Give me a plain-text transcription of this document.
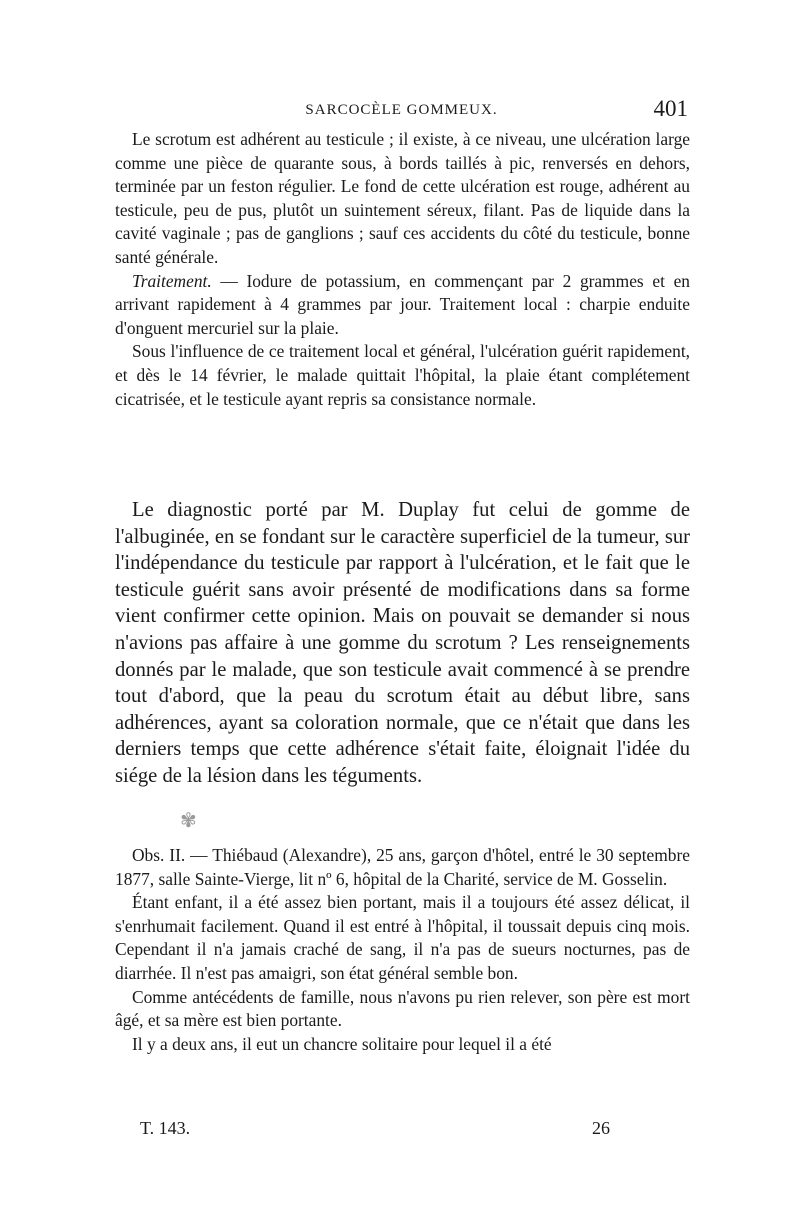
SARCOCÈLE GOMMEUX.	401

Le scrotum est adhérent au testicule ; il existe, à ce niveau, une ulcération large comme une pièce de quarante sous, à bords taillés à pic, renversés en dehors, terminée par un feston régulier. Le fond de cette ulcération est rouge, adhérent au testicule, peu de pus, plutôt un suintement séreux, filant. Pas de liquide dans la cavité vaginale ; pas de ganglions ; sauf ces accidents du côté du testicule, bonne santé générale.

Traitement. — Iodure de potassium, en commençant par 2 grammes et en arrivant rapidement à 4 grammes par jour. Traitement local : charpie enduite d'onguent mercuriel sur la plaie.

Sous l'influence de ce traitement local et général, l'ulcération guérit rapidement, et dès le 14 février, le malade quittait l'hôpital, la plaie étant complétement cicatrisée, et le testicule ayant repris sa consistance normale.

Le diagnostic porté par M. Duplay fut celui de gomme de l'albuginée, en se fondant sur le caractère superficiel de la tumeur, sur l'indépendance du testicule par rapport à l'ulcération, et le fait que le testicule guérit sans avoir présenté de modifications dans sa forme vient confirmer cette opinion. Mais on pouvait se demander si nous n'avions pas affaire à une gomme du scrotum ? Les renseignements donnés par le malade, que son testicule avait commencé à se prendre tout d'abord, que la peau du scrotum était au début libre, sans adhérences, ayant sa coloration normale, que ce n'était que dans les derniers temps que cette adhérence s'était faite, éloignait l'idée du siége de la lésion dans les téguments.

✾

Obs. II. — Thiébaud (Alexandre), 25 ans, garçon d'hôtel, entré le 30 septembre 1877, salle Sainte-Vierge, lit nº 6, hôpital de la Charité, service de M. Gosselin.

Étant enfant, il a été assez bien portant, mais il a toujours été assez délicat, il s'enrhumait facilement. Quand il est entré à l'hôpital, il toussait depuis cinq mois. Cependant il n'a jamais craché de sang, il n'a pas de sueurs nocturnes, pas de diarrhée. Il n'est pas amaigri, son état général semble bon.

Comme antécédents de famille, nous n'avons pu rien relever, son père est mort âgé, et sa mère est bien portante.

Il y a deux ans, il eut un chancre solitaire pour lequel il a été

T. 143.	26
